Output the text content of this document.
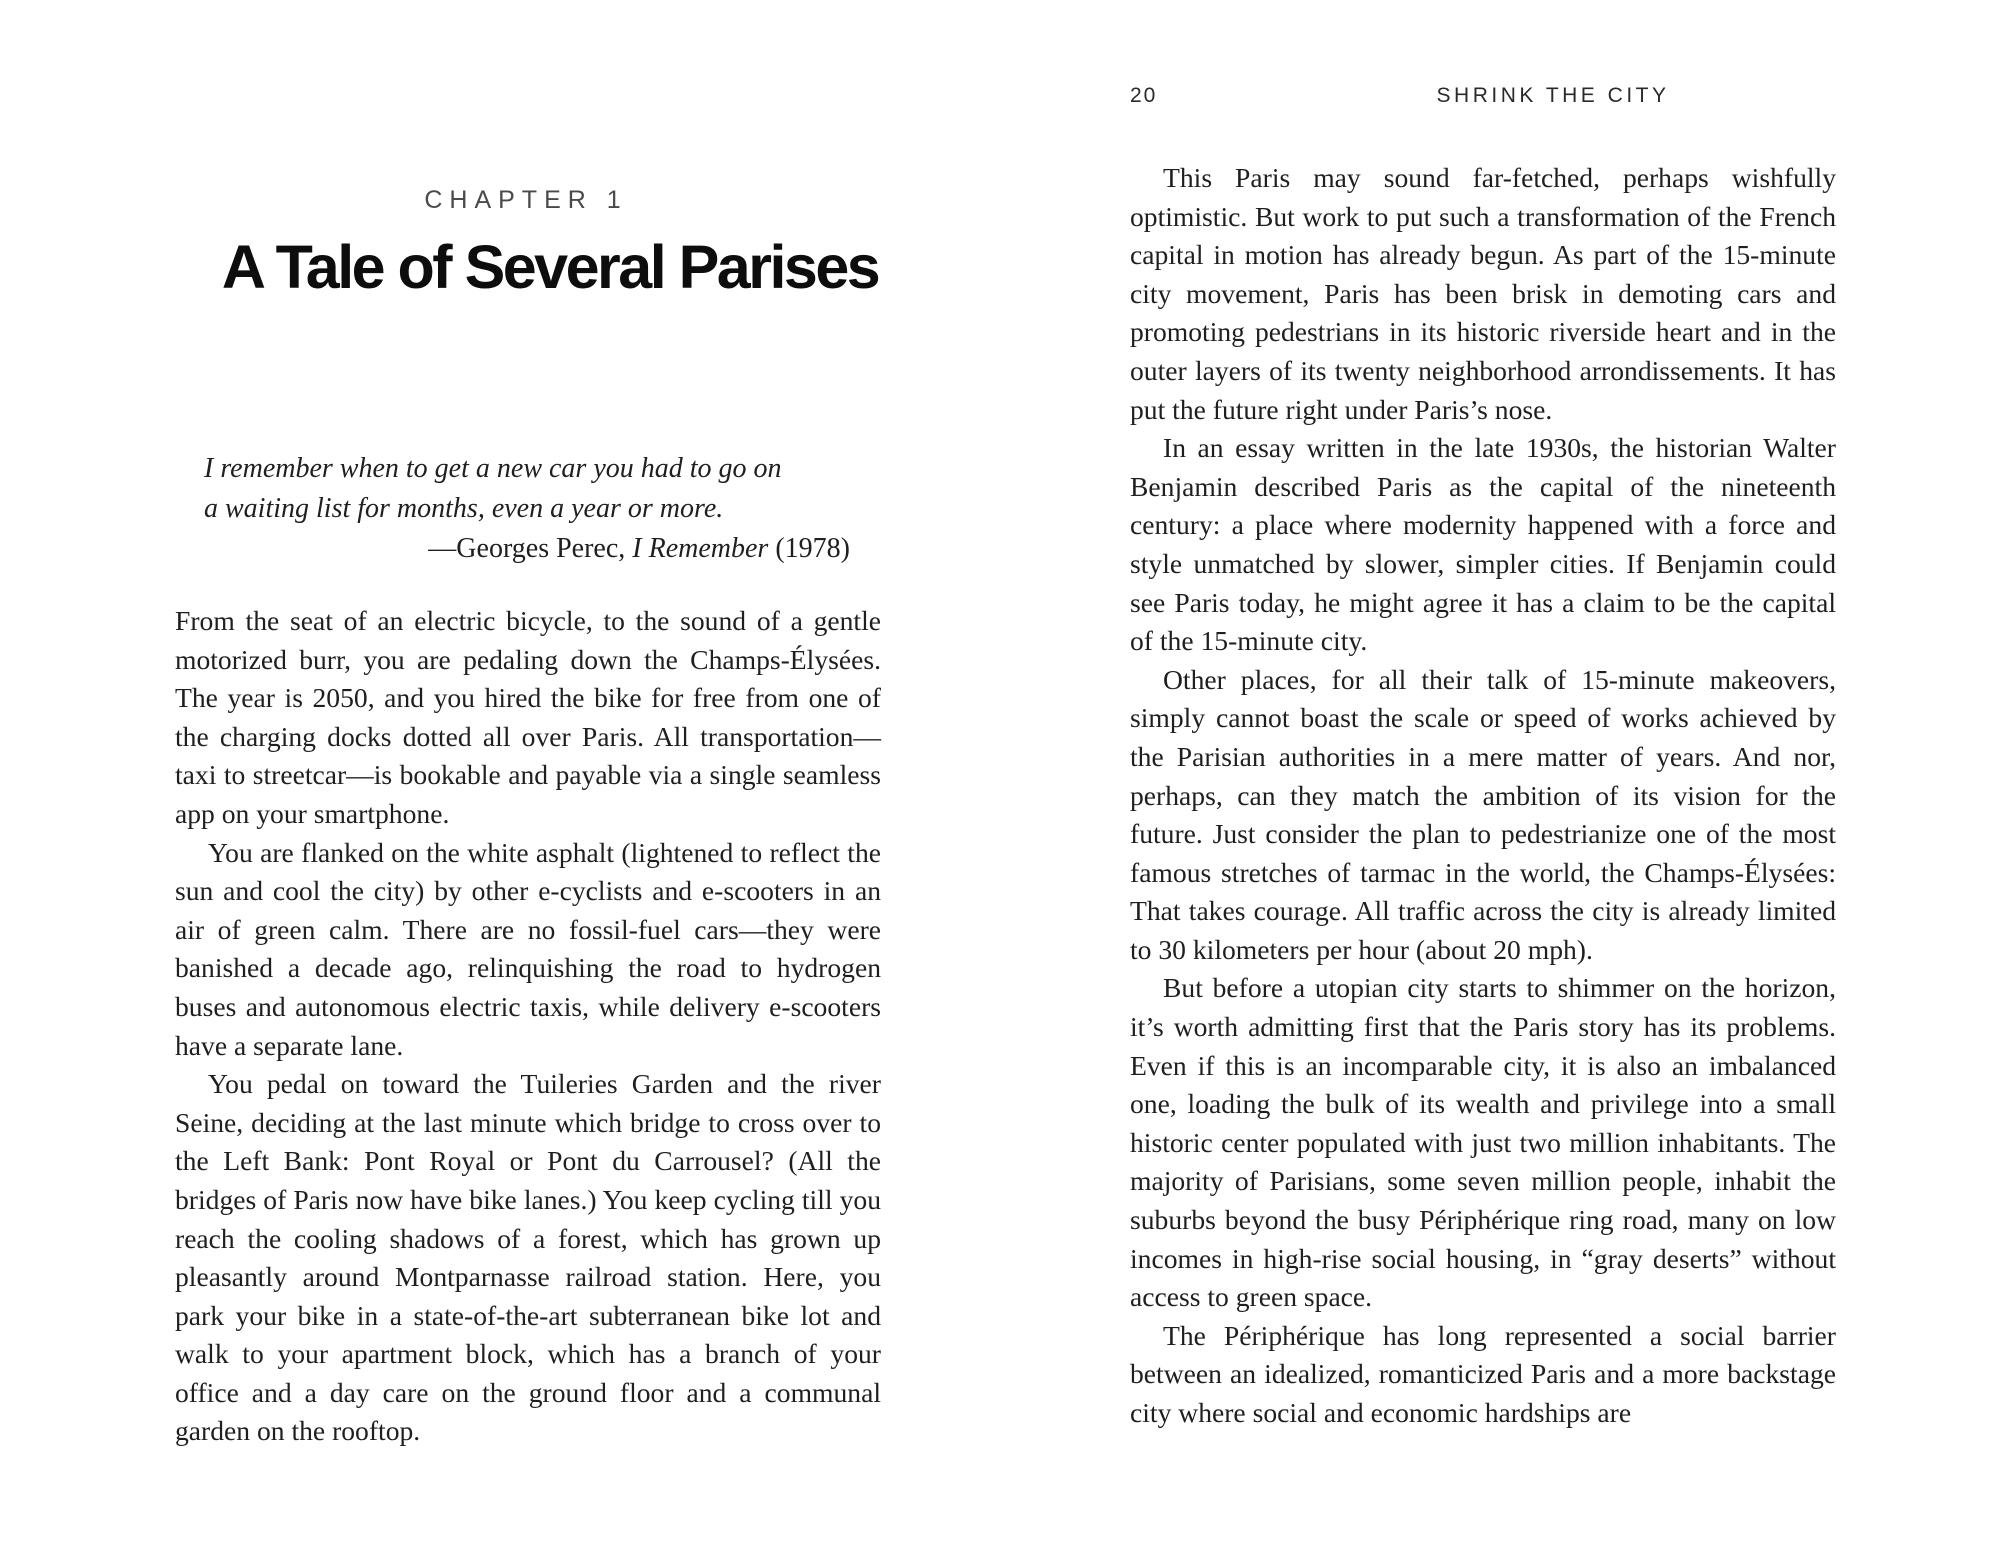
CHAPTER 1
A Tale of Several Parises

I remember when to get a new car you had to go on
a waiting list for months, even a year or more.

—Georges Perec, I Remember (1978)

From the seat of an electric bicycle, to the sound of a gentle motorized burr, you are pedaling down the Champs-Élysées. The year is 2050, and you hired the bike for free from one of the charging docks dotted all over Paris. All transportation—taxi to streetcar—is bookable and payable via a single seamless app on your smartphone.

You are flanked on the white asphalt (lightened to reflect the sun and cool the city) by other e-cyclists and e-scooters in an air of green calm. There are no fossil-fuel cars—they were banished a decade ago, relinquishing the road to hydrogen buses and autonomous electric taxis, while delivery e-scooters have a separate lane.

You pedal on toward the Tuileries Garden and the river Seine, deciding at the last minute which bridge to cross over to the Left Bank: Pont Royal or Pont du Carrousel? (All the bridges of Paris now have bike lanes.) You keep cycling till you reach the cooling shadows of a forest, which has grown up pleasantly around Montparnasse railroad station. Here, you park your bike in a state-of-the-art subterranean bike lot and walk to your apartment block, which has a branch of your office and a day care on the ground floor and a communal garden on the rooftop.

20	SHRINK THE CITY

This Paris may sound far-fetched, perhaps wishfully optimistic. But work to put such a transformation of the French capital in motion has already begun. As part of the 15-minute city movement, Paris has been brisk in demoting cars and promoting pedestrians in its historic riverside heart and in the outer layers of its twenty neighborhood arrondissements. It has put the future right under Paris’s nose.

In an essay written in the late 1930s, the historian Walter Benjamin described Paris as the capital of the nineteenth century: a place where modernity happened with a force and style unmatched by slower, simpler cities. If Benjamin could see Paris today, he might agree it has a claim to be the capital of the 15-minute city.

Other places, for all their talk of 15-minute makeovers, simply cannot boast the scale or speed of works achieved by the Parisian authorities in a mere matter of years. And nor, perhaps, can they match the ambition of its vision for the future. Just consider the plan to pedestrianize one of the most famous stretches of tarmac in the world, the Champs-Élysées: That takes courage. All traffic across the city is already limited to 30 kilometers per hour (about 20 mph).

But before a utopian city starts to shimmer on the horizon, it’s worth admitting first that the Paris story has its problems. Even if this is an incomparable city, it is also an imbalanced one, loading the bulk of its wealth and privilege into a small historic center populated with just two million inhabitants. The majority of Parisians, some seven million people, inhabit the suburbs beyond the busy Périphérique ring road, many on low incomes in high-rise social housing, in “gray deserts” without access to green space.

The Périphérique has long represented a social barrier between an idealized, romanticized Paris and a more backstage city where social and economic hardships are
